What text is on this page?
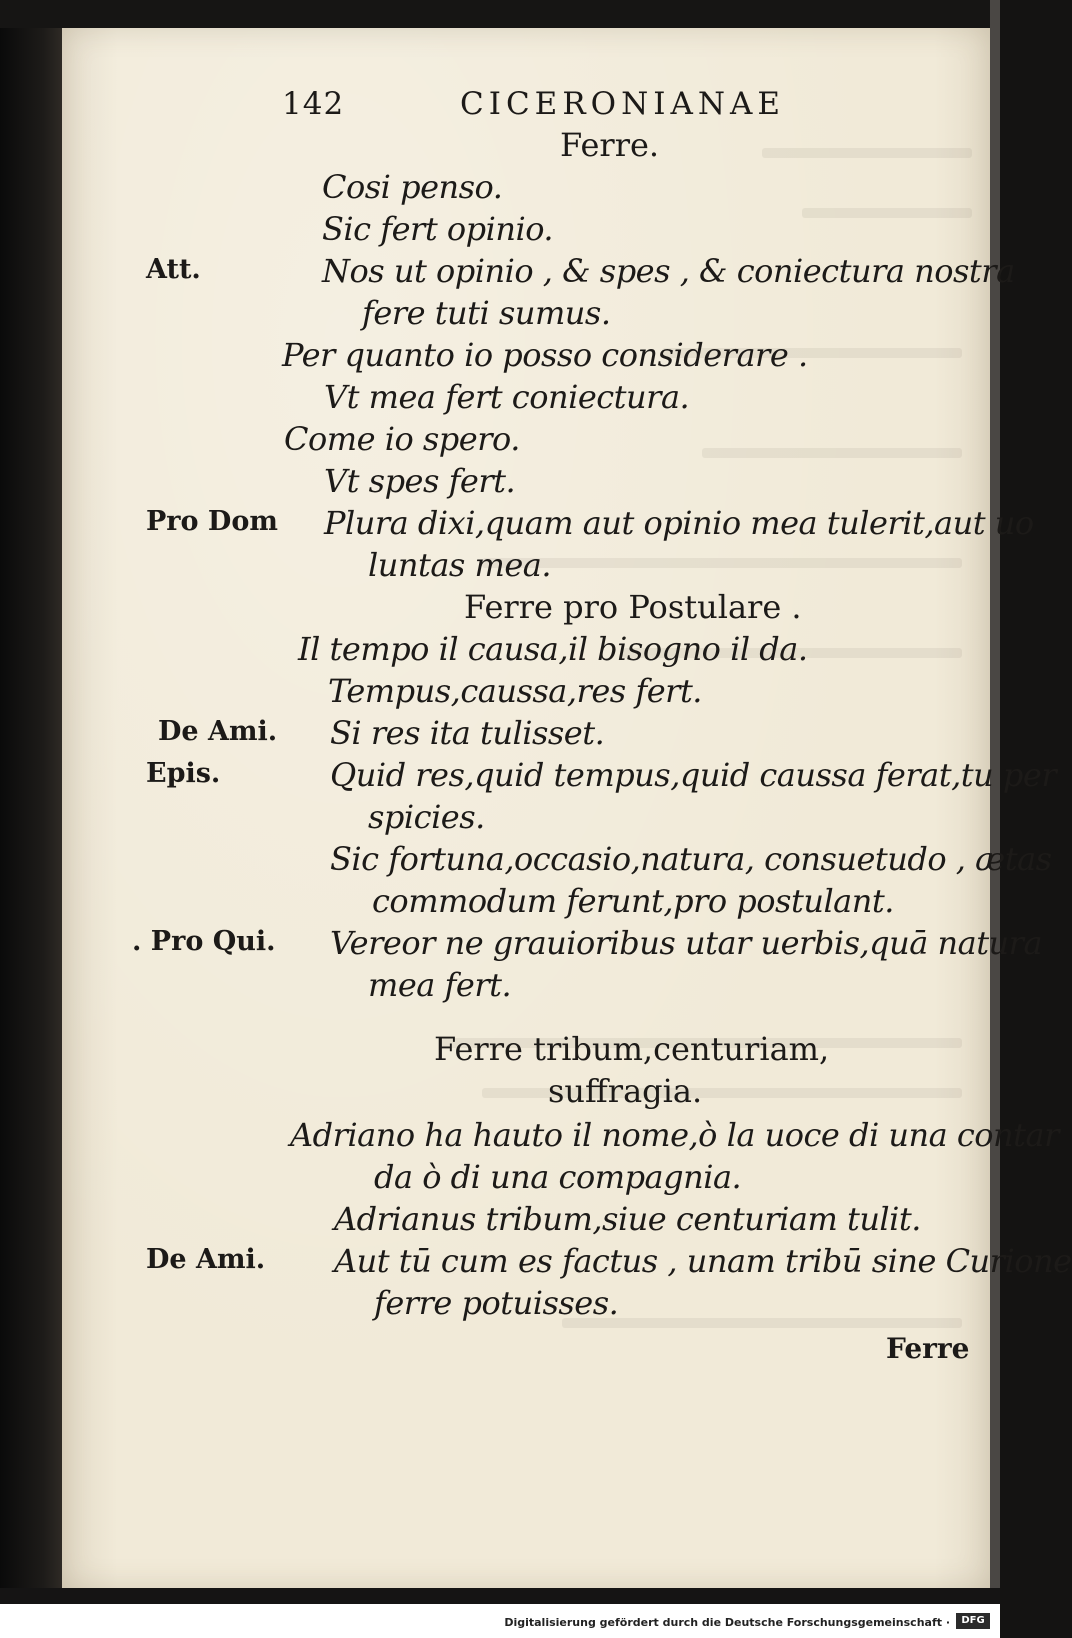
142	CICERONIANAE
Ferre.
Cosi penso.
Sic fert opinio.
Att.	Nos ut opinio , & spes , & coniectura nostra
fere tuti sumus.
Per quanto io posso considerare .
Vt mea fert coniectura.
Come io spero.
Vt spes fert.
Pro Dom Plura dixi,quam aut opinio mea tulerit,aut uo
luntas mea.
Ferre pro Postulare .
Il tempo il causa,il bisogno il da.
Tempus,caussa,res fert.
De Ami. Si res ita tulisset.
Epis.	Quid res,quid tempus,quid caussa ferat,tu per
spicies.
Sic fortuna,occasio,natura, consuetudo , ætas
commodum ferunt,pro postulant.
. Pro Qui. Vereor ne grauioribus utar uerbis,quā natura
mea fert.
Ferre tribum,centuriam,
suffragia.
Adriano ha hauto il nome,ò la uoce di una contar
da ò di una compagnia.
Adrianus tribum,siue centuriam tulit.
De Ami. Aut tū cum es factus , unam tribū sine Curione
ferre potuisses.
Ferre
Digitalisierung gefördert durch die Deutsche Forschungsgemeinschaft ·	DFG
